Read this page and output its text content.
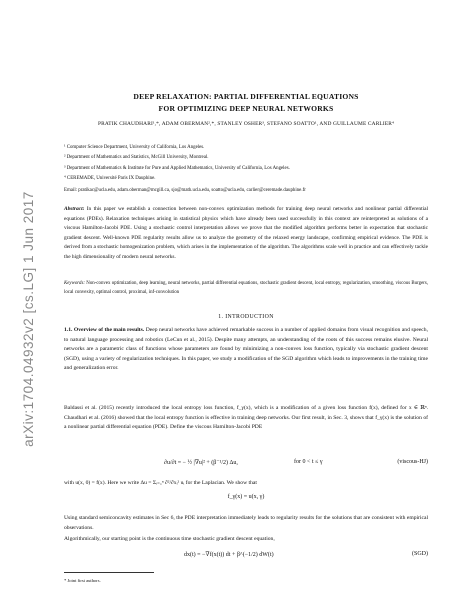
arXiv:1704.04932v2 [cs.LG] 1 Jun 2017
DEEP RELAXATION: PARTIAL DIFFERENTIAL EQUATIONS
FOR OPTIMIZING DEEP NEURAL NETWORKS
PRATIK CHAUDHARI¹,*, ADAM OBERMAN²,*, STANLEY OSHER³, STEFANO SOATTO¹, AND GUILLAUME CARLIER⁴
¹ Computer Science Department, University of California, Los Angeles.
² Department of Mathematics and Statistics, McGill University, Montreal.
³ Department of Mathematics & Institute for Pure and Applied Mathematics, University of California, Los Angeles.
⁴ CEREMADE, Université Paris IX Dauphine.
Email: pratikac@ucla.edu, adam.oberman@mcgill.ca, sjo@math.ucla.edu, soatto@ucla.edu, carlier@ceremade.dauphine.fr
Abstract: In this paper we establish a connection between non-convex optimization methods for training deep neural networks and nonlinear partial differential equations (PDEs). Relaxation techniques arising in statistical physics which have already been used successfully in this context are reinterpreted as solutions of a viscous Hamilton-Jacobi PDE. Using a stochastic control interpretation allows we prove that the modified algorithm performs better in expectation that stochastic gradient descent. Well-known PDE regularity results allow us to analyze the geometry of the relaxed energy landscape, confirming empirical evidence. The PDE is derived from a stochastic homogenization problem, which arises in the implementation of the algorithm. The algorithms scale well in practice and can effectively tackle the high dimensionality of modern neural networks.
Keywords: Non-convex optimization, deep learning, neural networks, partial differential equations, stochastic gradient descent, local entropy, regularization, smoothing, viscous Burgers, local convexity, optimal control, proximal, inf-convolution
1. INTRODUCTION
1.1. Overview of the main results. Deep neural networks have achieved remarkable success in a number of applied domains from visual recognition and speech, to natural language processing and robotics (LeCun et al., 2015). Despite many attempts, an understanding of the roots of this success remains elusive. Neural networks are a parametric class of functions whose parameters are found by minimizing a non-convex loss function, typically via stochastic gradient descent (SGD), using a variety of regularization techniques. In this paper, we study a modification of the SGD algorithm which leads to improvements in the training time and generalization error.
Baldassi et al. (2015) recently introduced the local entropy loss function, f_γ(x), which is a modification of a given loss function f(x), defined for x ∈ ℝⁿ. Chaudhari et al. (2016) showed that the local entropy function is effective in training deep networks. Our first result, in Sec. 3, shows that f_γ(x) is the solution of a nonlinear partial differential equation (PDE). Define the viscous Hamilton-Jacobi PDE
∂u/∂t = − ½ |∇u|² + (β⁻¹/2) Δu,	for 0 < t ≤ γ	(viscous-HJ)
with u(x, 0) = f(x). Here we write Δu = Σᵢ₌₁ⁿ ∂²/∂xᵢ² uᵢ for the Laplacian. We show that
f_γ(x) = u(x, γ)
Using standard semiconcavity estimates in Sec 6, the PDE interpretation immediately leads to regularity results for the solutions that are consistent with empirical observations.
Algorithmically, our starting point is the continuous time stochastic gradient descent equation,
dx(t) = −∇f(x(t)) dt + β^(−1/2) dW(t)	(SGD)
* Joint first authors.
